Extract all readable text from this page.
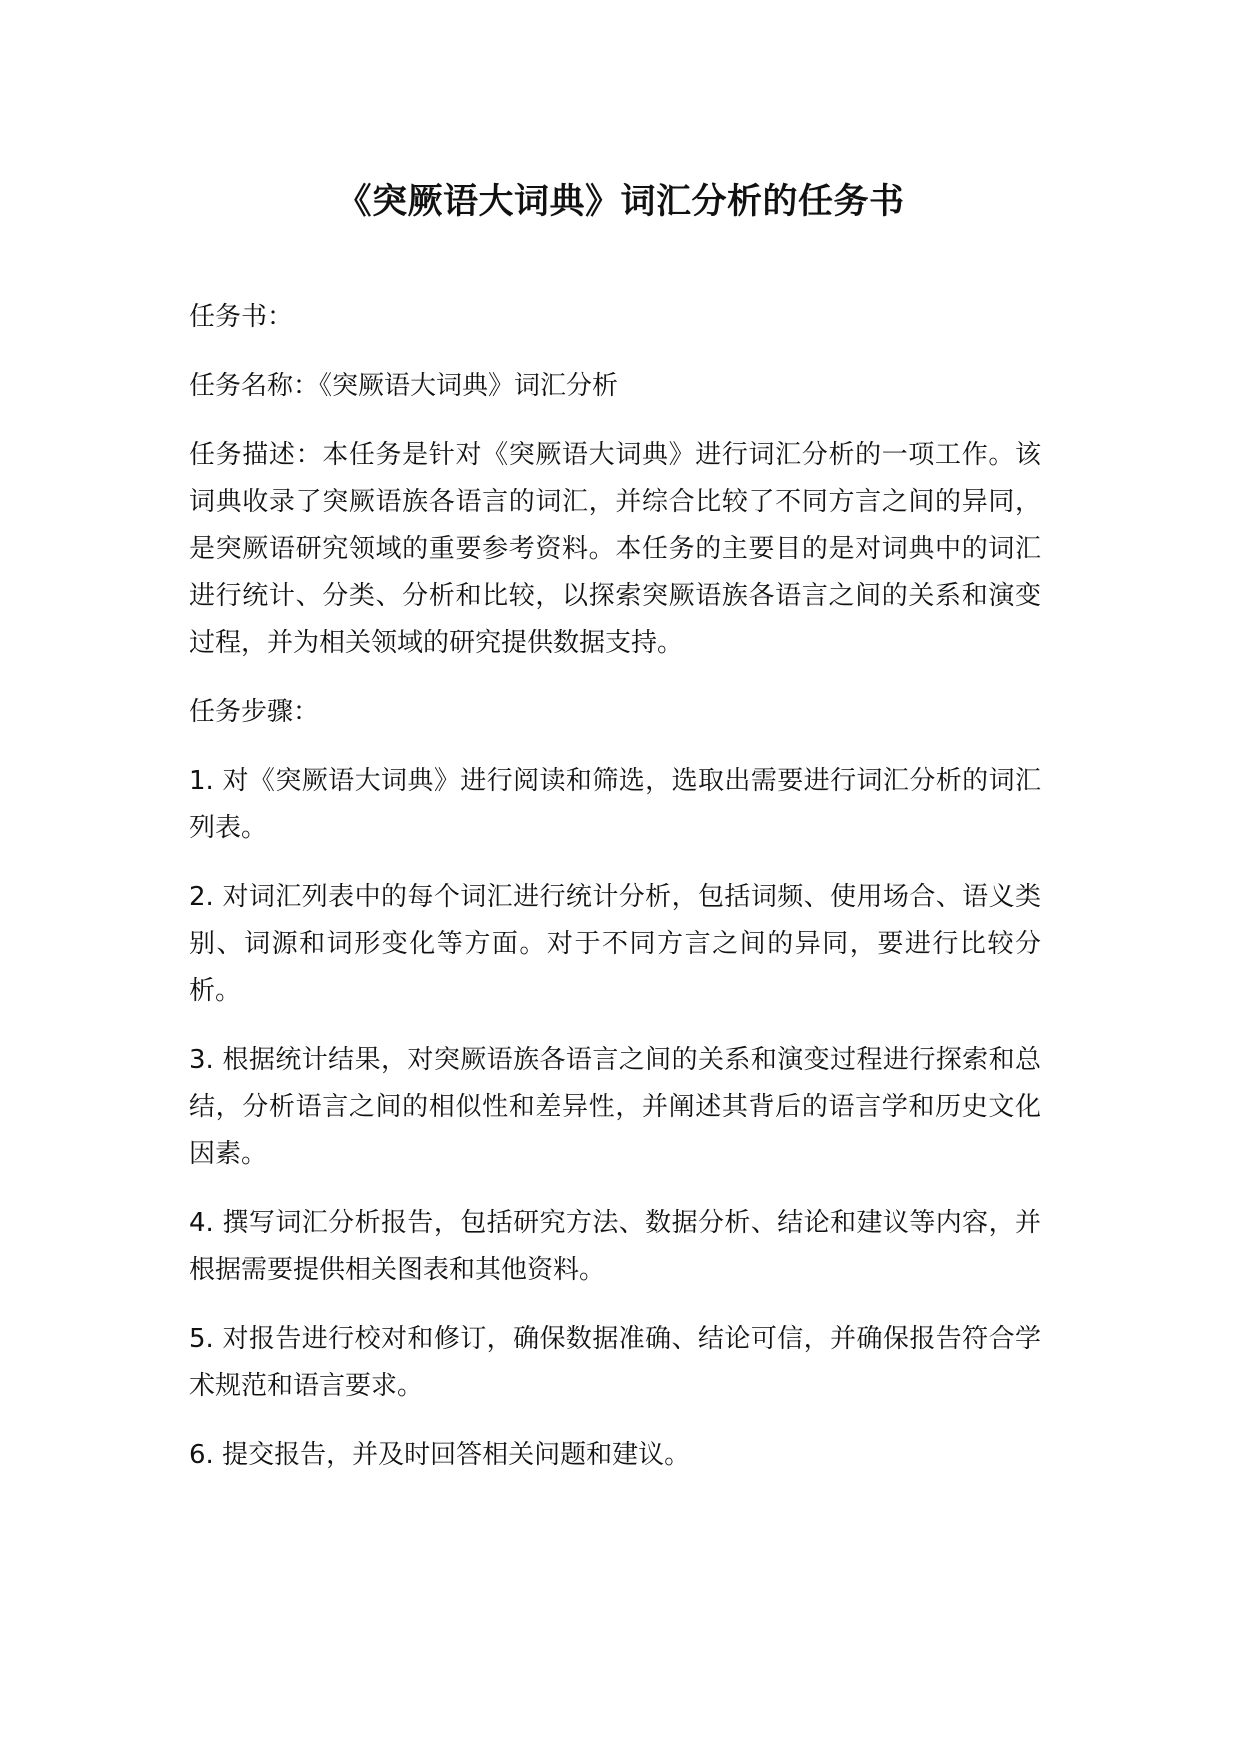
《突厥语大词典》词汇分析的任务书

任务书：

任务名称：《突厥语大词典》词汇分析

任务描述：本任务是针对《突厥语大词典》进行词汇分析的一项工作。该词典收录了突厥语族各语言的词汇，并综合比较了不同方言之间的异同，是突厥语研究领域的重要参考资料。本任务的主要目的是对词典中的词汇进行统计、分类、分析和比较，以探索突厥语族各语言之间的关系和演变过程，并为相关领域的研究提供数据支持。

任务步骤：

1. 对《突厥语大词典》进行阅读和筛选，选取出需要进行词汇分析的词汇列表。

2. 对词汇列表中的每个词汇进行统计分析，包括词频、使用场合、语义类别、词源和词形变化等方面。对于不同方言之间的异同，要进行比较分析。

3. 根据统计结果，对突厥语族各语言之间的关系和演变过程进行探索和总结，分析语言之间的相似性和差异性，并阐述其背后的语言学和历史文化因素。

4. 撰写词汇分析报告，包括研究方法、数据分析、结论和建议等内容，并根据需要提供相关图表和其他资料。

5. 对报告进行校对和修订，确保数据准确、结论可信，并确保报告符合学术规范和语言要求。

6. 提交报告，并及时回答相关问题和建议。
